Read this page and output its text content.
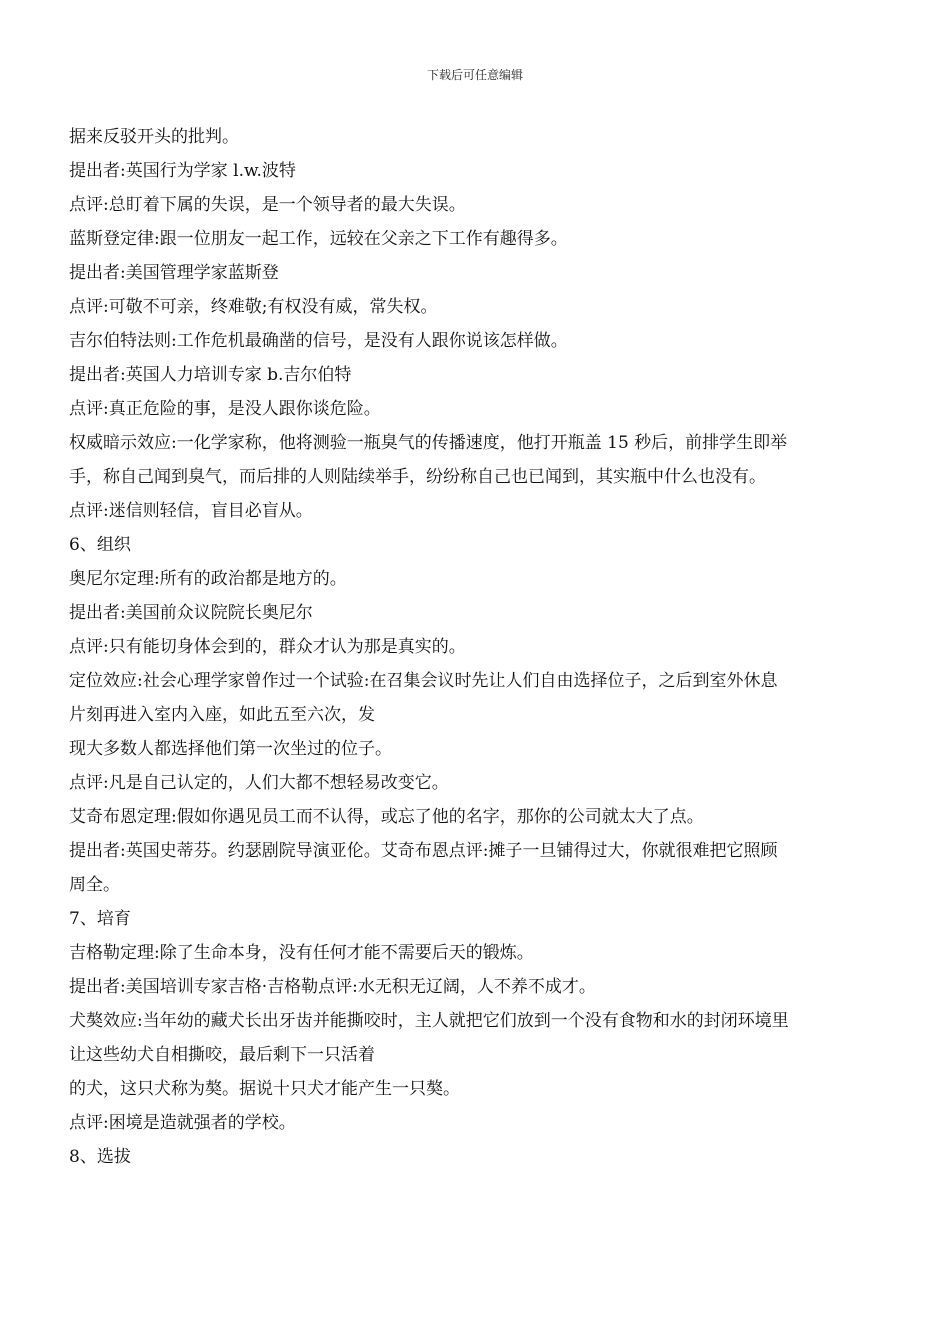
下载后可任意编辑
据来反驳开头的批判。
提出者:英国行为学家 l.w.波特
点评:总盯着下属的失误，是一个领导者的最大失误。
蓝斯登定律:跟一位朋友一起工作，远较在父亲之下工作有趣得多。
提出者:美国管理学家蓝斯登
点评:可敬不可亲，终难敬;有权没有威，常失权。
吉尔伯特法则:工作危机最确凿的信号，是没有人跟你说该怎样做。
提出者:英国人力培训专家 b.吉尔伯特
点评:真正危险的事，是没人跟你谈危险。
权威暗示效应:一化学家称，他将测验一瓶臭气的传播速度，他打开瓶盖 15 秒后，前排学生即举
手，称自己闻到臭气，而后排的人则陆续举手，纷纷称自己也已闻到，其实瓶中什么也没有。
点评:迷信则轻信，盲目必盲从。
6、组织
奥尼尔定理:所有的政治都是地方的。
提出者:美国前众议院院长奥尼尔
点评:只有能切身体会到的，群众才认为那是真实的。
定位效应:社会心理学家曾作过一个试验:在召集会议时先让人们自由选择位子，之后到室外休息
片刻再进入室内入座，如此五至六次，发
现大多数人都选择他们第一次坐过的位子。
点评:凡是自己认定的，人们大都不想轻易改变它。
艾奇布恩定理:假如你遇见员工而不认得，或忘了他的名字，那你的公司就太大了点。
提出者:英国史蒂芬。约瑟剧院导演亚伦。艾奇布恩点评:摊子一旦铺得过大，你就很难把它照顾
周全。
7、培育
吉格勒定理:除了生命本身，没有任何才能不需要后天的锻炼。
提出者:美国培训专家吉格·吉格勒点评:水无积无辽阔，人不养不成才。
犬獒效应:当年幼的藏犬长出牙齿并能撕咬时，主人就把它们放到一个没有食物和水的封闭环境里
让这些幼犬自相撕咬，最后剩下一只活着
的犬，这只犬称为獒。据说十只犬才能产生一只獒。
点评:困境是造就强者的学校。
8、选拔
